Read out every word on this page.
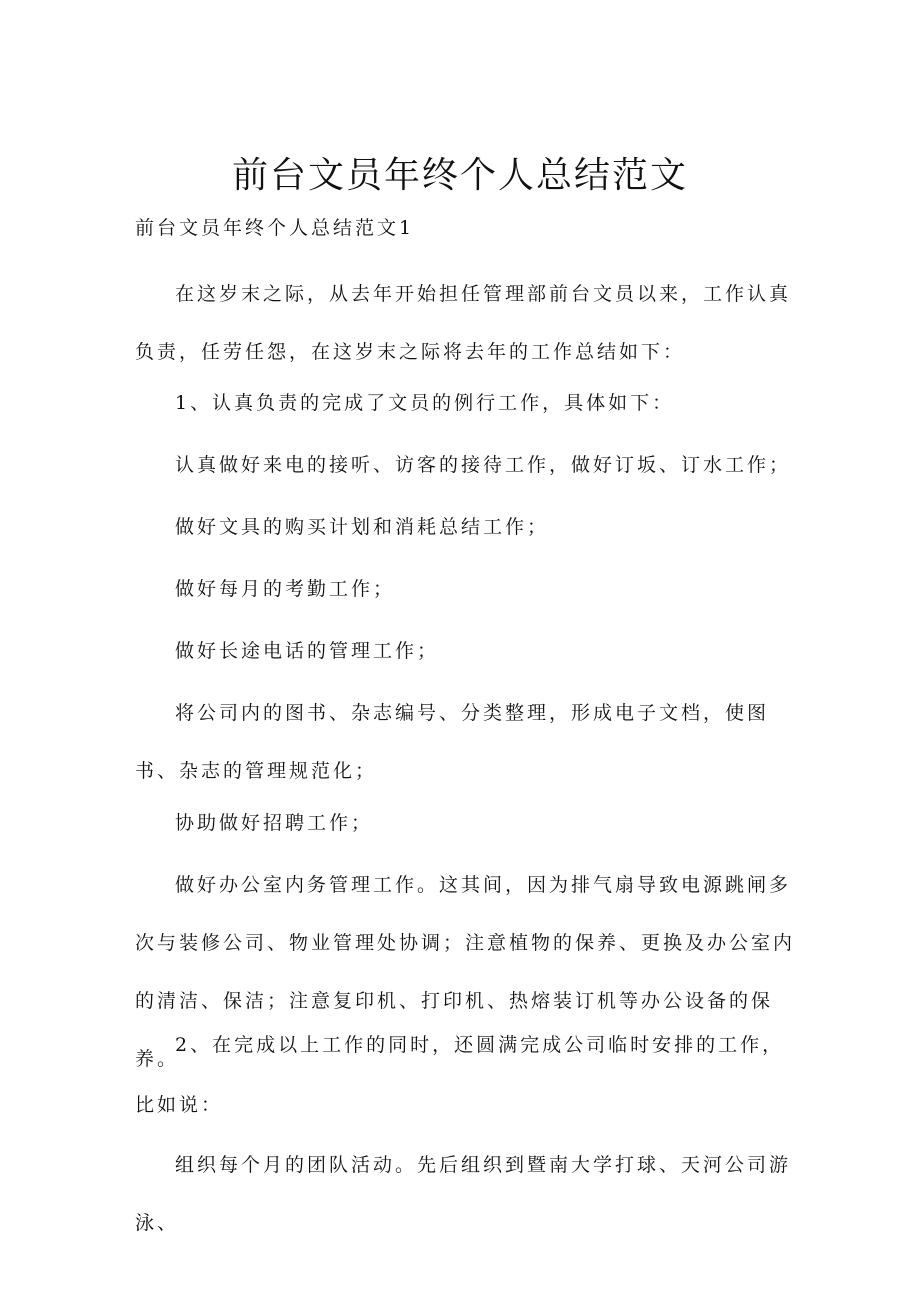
前台文员年终个人总结范文

前台文员年终个人总结范文1

在这岁末之际，从去年开始担任管理部前台文员以来，工作认真负责，任劳任怨，在这岁末之际将去年的工作总结如下：

1、认真负责的完成了文员的例行工作，具体如下：

认真做好来电的接听、访客的接待工作，做好订坂、订水工作；

做好文具的购买计划和消耗总结工作；

做好每月的考勤工作；

做好长途电话的管理工作；

将公司内的图书、杂志编号、分类整理，形成电子文档，使图书、杂志的管理规范化；

协助做好招聘工作；

做好办公室内务管理工作。这其间，因为排气扇导致电源跳闸多次与装修公司、物业管理处协调；注意植物的保养、更换及办公室内的清洁、保洁；注意复印机、打印机、热熔装订机等办公设备的保养。

2、在完成以上工作的同时，还圆满完成公司临时安排的工作，

比如说：

组织每个月的团队活动。先后组织到暨南大学打球、天河公司游泳、
